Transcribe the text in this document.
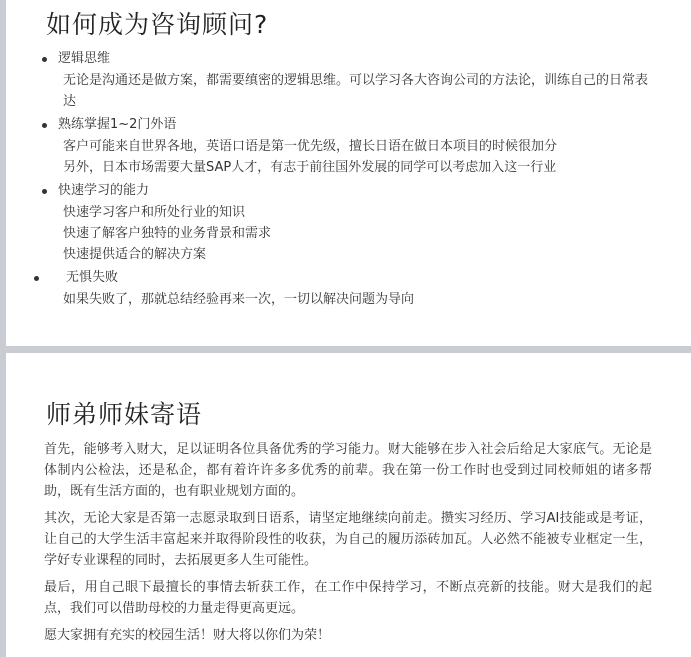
如何成为咨询顾问?
逻辑思维
无论是沟通还是做方案，都需要缜密的逻辑思维。可以学习各大咨询公司的方法论，训练自己的日常表达
熟练掌握1~2门外语
客户可能来自世界各地，英语口语是第一优先级，擅长日语在做日本项目的时候很加分
另外，日本市场需要大量SAP人才，有志于前往国外发展的同学可以考虑加入这一行业
快速学习的能力
快速学习客户和所处行业的知识
快速了解客户独特的业务背景和需求
快速提供适合的解决方案
无惧失败
如果失败了，那就总结经验再来一次，一切以解决问题为导向
师弟师妹寄语

首先，能够考入财大，足以证明各位具备优秀的学习能力。财大能够在步入社会后给足大家底气。无论是体制内公检法，还是私企，都有着许许多多优秀的前辈。我在第一份工作时也受到过同校师姐的诸多帮助，既有生活方面的，也有职业规划方面的。

其次，无论大家是否第一志愿录取到日语系，请坚定地继续向前走。攒实习经历、学习AI技能或是考证，让自己的大学生活丰富起来并取得阶段性的收获，为自己的履历添砖加瓦。人必然不能被专业框定一生，学好专业课程的同时，去拓展更多人生可能性。

最后，用自己眼下最擅长的事情去斩获工作，在工作中保持学习，不断点亮新的技能。财大是我们的起点，我们可以借助母校的力量走得更高更远。

愿大家拥有充实的校园生活！财大将以你们为荣！
